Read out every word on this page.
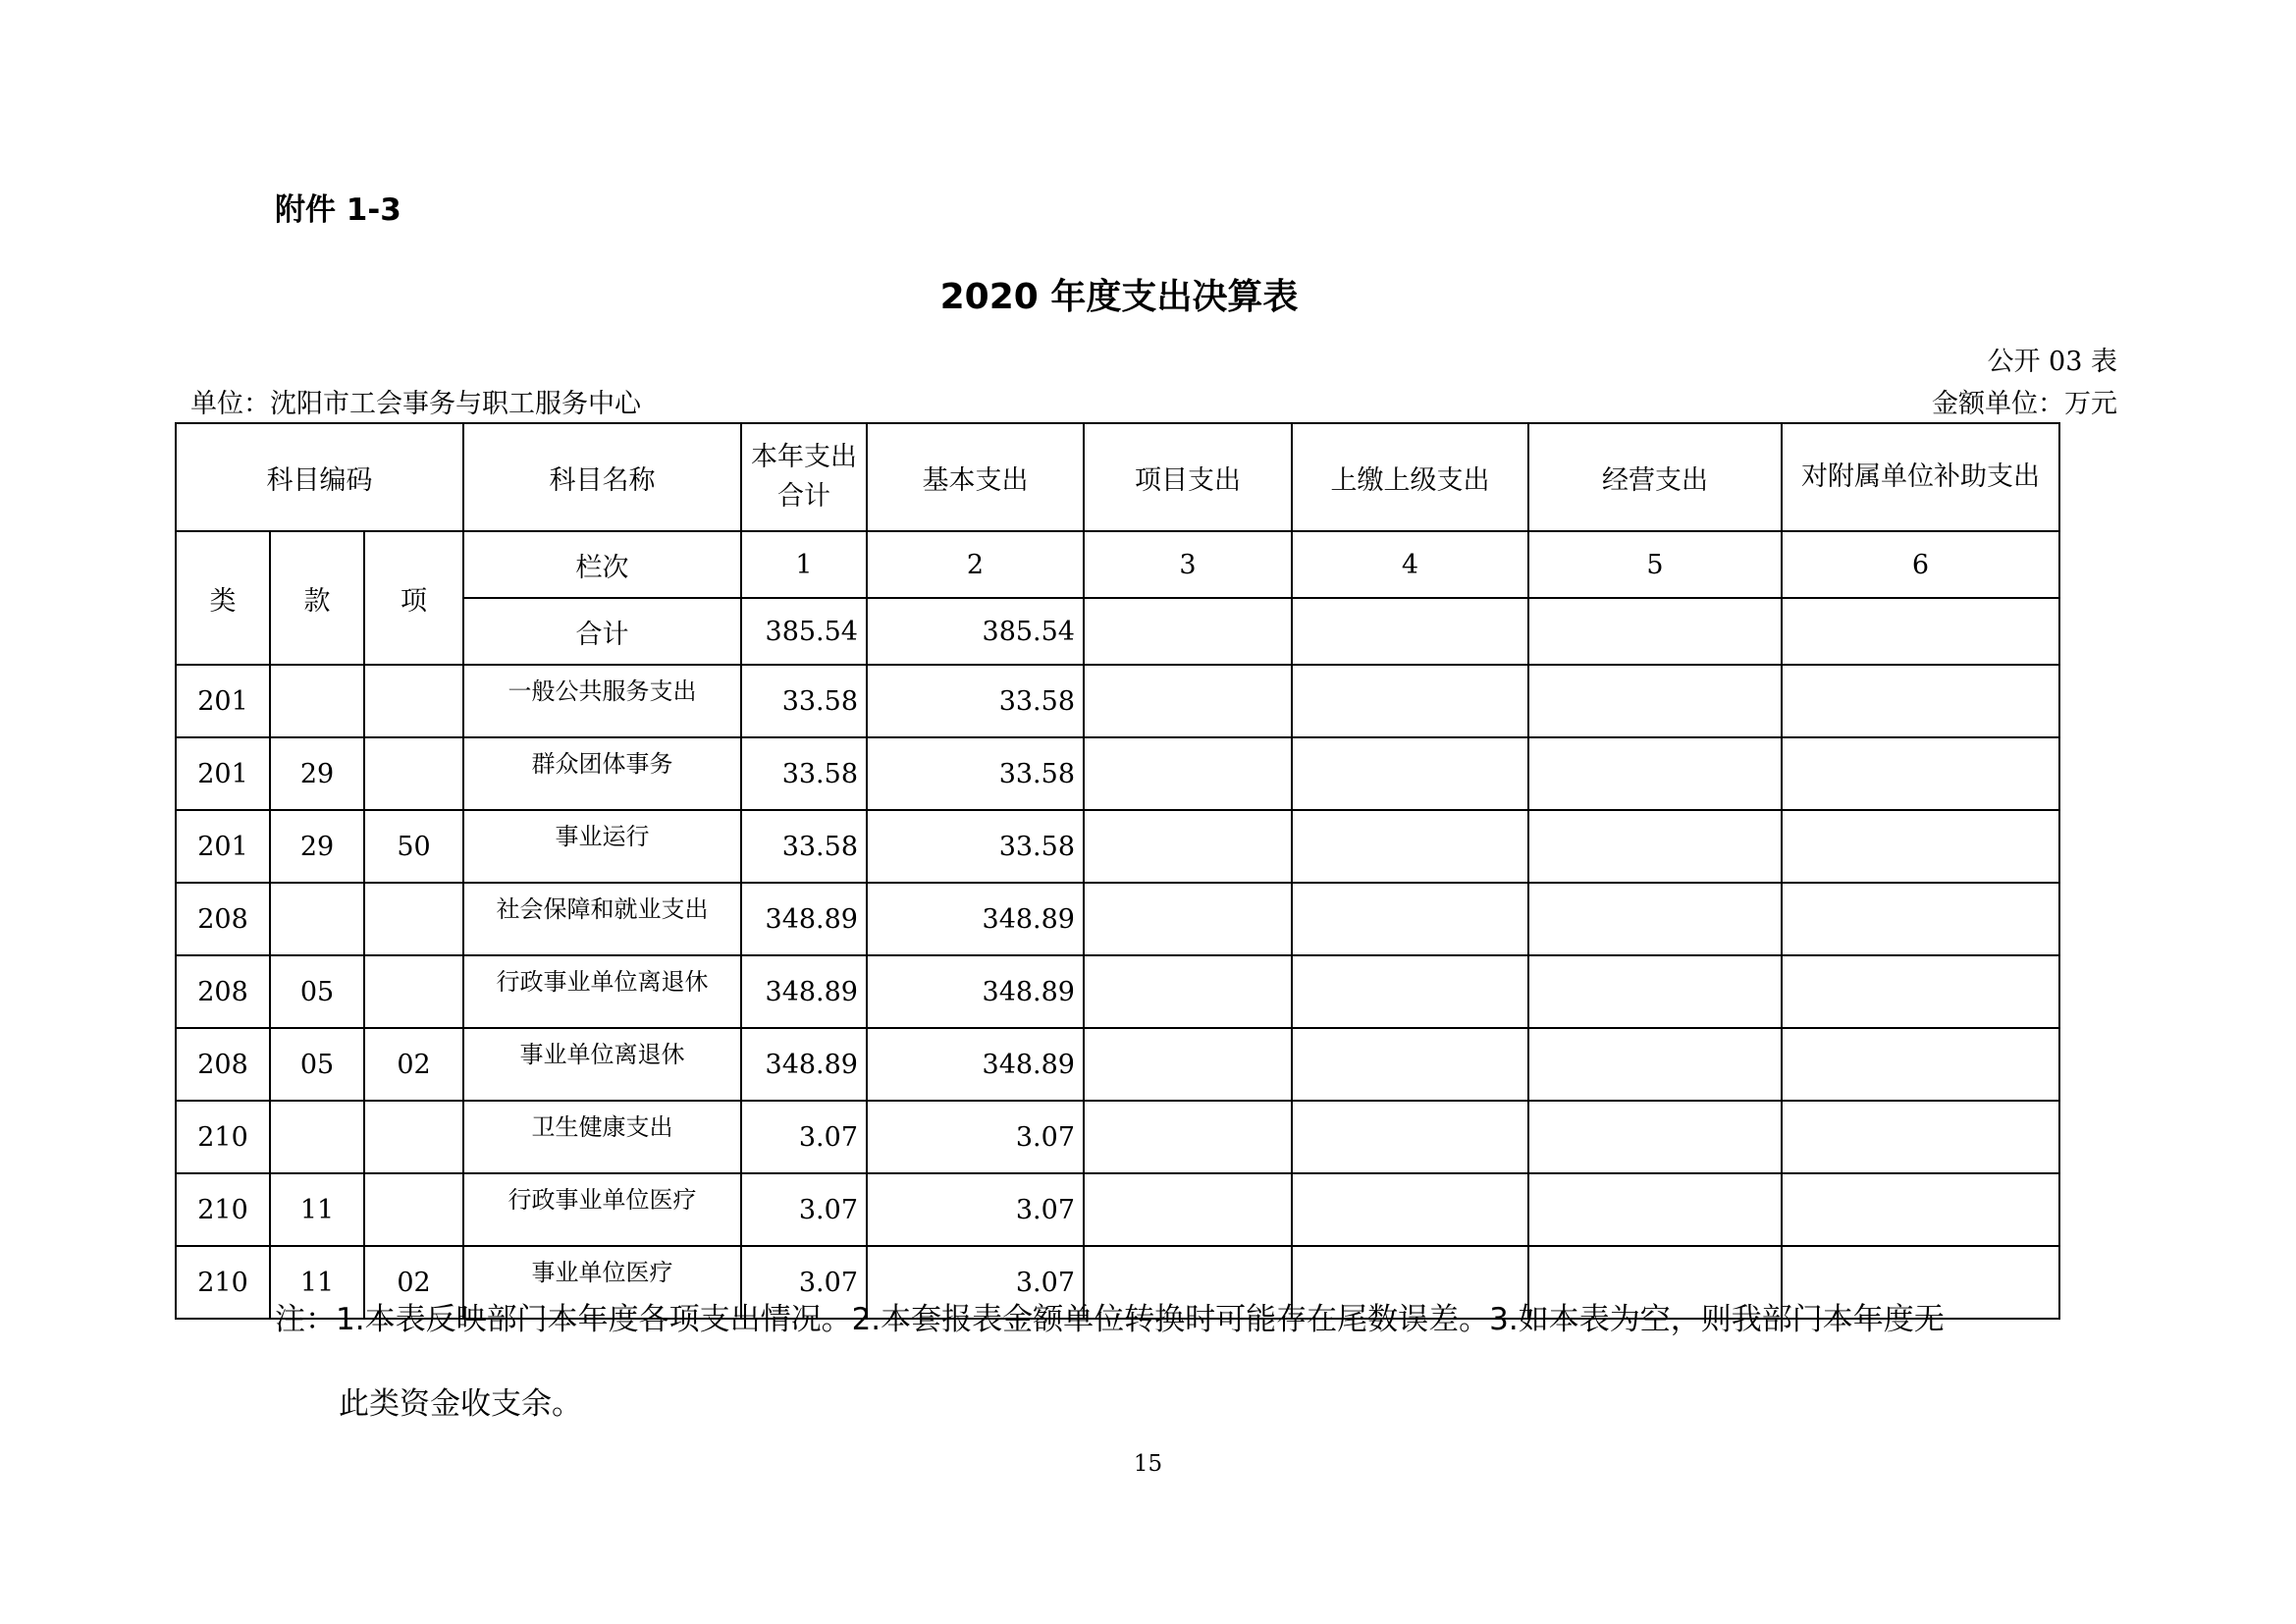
附件 1-3
2020 年度支出决算表
公开 03 表
单位：沈阳市工会事务与职工服务中心	金额单位：万元
科目编码			科目名称	本年支出合计	基本支出	项目支出	上缴上级支出	经营支出	对附属单位补助支出
类	款	项	栏次	1	2	3	4	5	6
			合计	385.54	385.54				
201			一般公共服务支出	33.58	33.58				
201	29		群众团体事务	33.58	33.58				
201	29	50	事业运行	33.58	33.58				
208			社会保障和就业支出	348.89	348.89				
208	05		行政事业单位离退休	348.89	348.89				
208	05	02	事业单位离退休	348.89	348.89				
210			卫生健康支出	3.07	3.07				
210	11		行政事业单位医疗	3.07	3.07				
210	11	02	事业单位医疗	3.07	3.07				
注：1.本表反映部门本年度各项支出情况。2.本套报表金额单位转换时可能存在尾数误差。3.如本表为空，则我部门本年度无
此类资金收支余。
15
